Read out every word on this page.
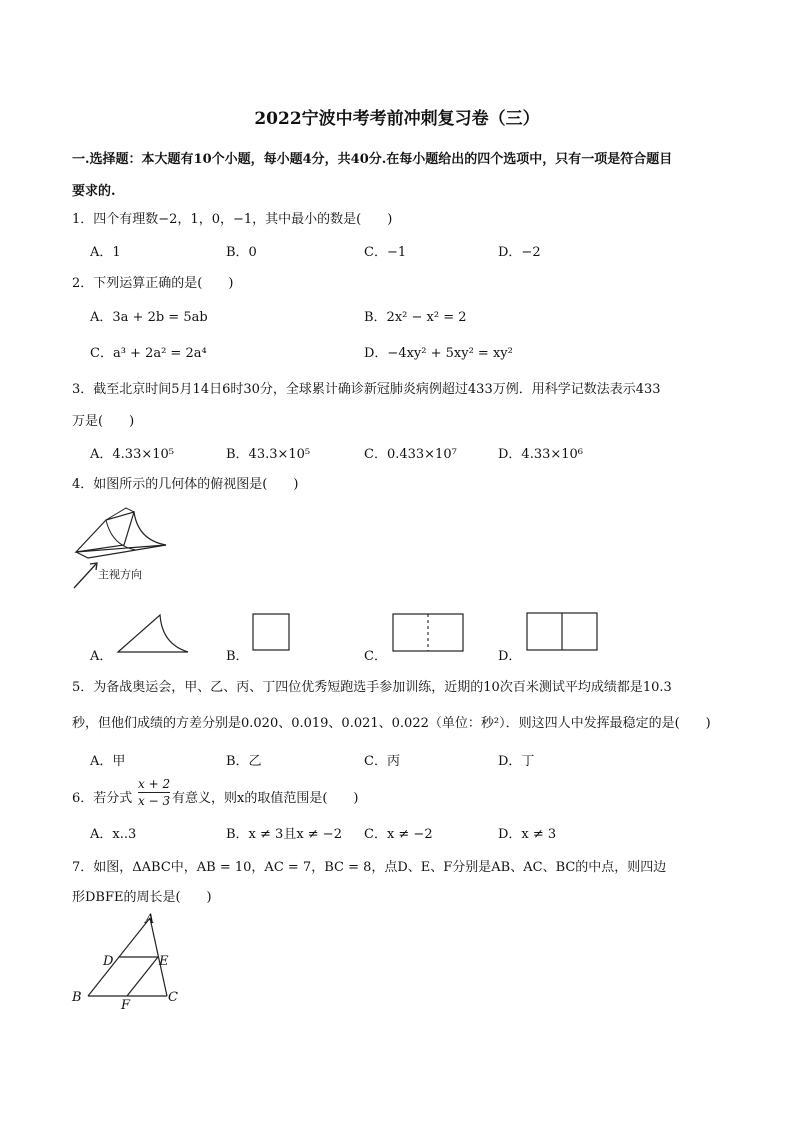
2022宁波中考考前冲刺复习卷（三）
一.选择题：本大题有10个小题，每小题4分，共40分.在每小题给出的四个选项中，只有一项是符合题目
要求的.
1．四个有理数−2，1，0，−1，其中最小的数是(　　)
A．1	B．0	C．−1	D．−2
2．下列运算正确的是(　　)
A．3a + 2b = 5ab	B．2x² − x² = 2
C．a³ + 2a² = 2a⁴	D．−4xy² + 5xy² = xy²
3．截至北京时间5月14日6时30分，全球累计确诊新冠肺炎病例超过433万例．用科学记数法表示433
万是(　　)
A．4.33×10⁵	B．43.3×10⁵	C．0.433×10⁷	D．4.33×10⁶
4．如图所示的几何体的俯视图是(　　)
主视方向
A．	B．	C．	D．
5．为备战奥运会，甲、乙、丙、丁四位优秀短跑选手参加训练，近期的10次百米测试平均成绩都是10.3
秒，但他们成绩的方差分别是0.020、0.019、0.021、0.022（单位：秒²）．则这四人中发挥最稳定的是(　　)
A．甲	B．乙	C．丙	D．丁
6．若分式 $\frac{x + 2}{x - 3}$ 有意义，则x的取值范围是(　　)
A．x..3	B．x ≠ 3且x ≠ −2 C．x ≠ −2	D．x ≠ 3
7．如图，ΔABC中，AB = 10，AC = 7，BC = 8，点D、E、F分别是AB、AC、BC的中点，则四边
形DBFE的周长是(　　)
A
B	C
D	E
F
